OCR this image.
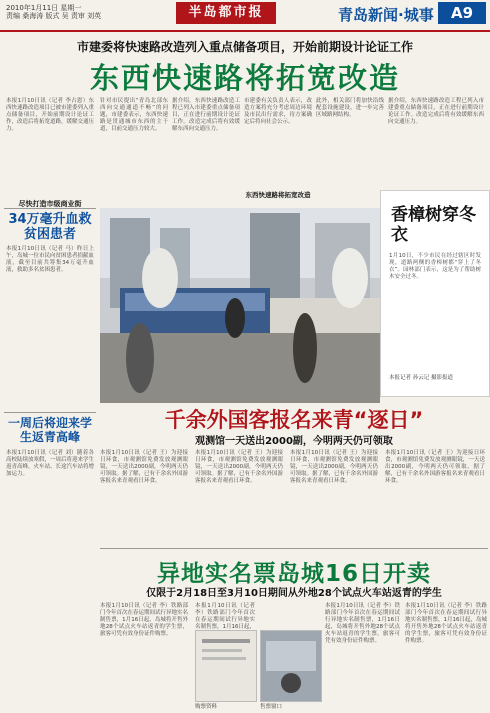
2010年1月11日 星期一
责编 桑海涛 版式 吴 责审 刘英	半岛都市报	青岛新闻·城事	A9
市建委将快速路改造列入重点储备项目，开始前期设计论证工作
东西快速路将拓宽改造

本报1月10日讯（记者 李占恩）东西快速路改造项目已被市建委列入重点储备项目，开始前期设计论证工作，改造后将拓宽道路，缓解交通压力。

尽快打造市级商业街

针对市民提出“青岛北部东西向交通通道不畅”的问题，市建委表示，东西快速路是贯通城市东西的主干道，目前交通压力较大。

据介绍，东西快速路改造工程已列入市建委重点储备项目，正在进行前期设计论证工作。改造完成后将有效缓解东西向交通压力。

市建委有关负责人表示，改造方案将充分考虑周边环境及市民出行需求，待方案确定后将向社会公示。

东西快速路将拓宽改造

此外，相关部门将加快沿线配套设施建设，进一步完善区域路网结构。

据介绍，东西快速路改造工程已列入市建委重点储备项目，正在进行前期设计论证工作。改造完成后将有效缓解东西向交通压力。

34万毫升血救贫困患者

本报1月10日讯（记者 马）昨日上午，岛城一位市民向贫困患者捐献血液，截至目前共筹集34万毫升血液，救助多名贫困患者。

一周后将迎来学生返青高峰

本报1月10日讯（记者 刘）随着各高校陆续放寒假，一周后将迎来学生返青高峰，火车站、长途汽车站将增加运力。

香樟树穿冬衣

1月10日，不少市民在经过辖区时发现，道路两侧的香樟树都“穿上了冬衣”。园林部门表示，这是为了帮助树木安全过冬。

本报记者 孙云记 摄影报道
千余外国客报名来青“逐日”
观测馆一天送出2000副，今明两天仍可领取

本报1月10日讯（记者 王）为迎接日环食，市观测馆免费发放观测眼镜，一天送出2000副，今明两天仍可领取。据了解，已有千余名外国游客报名来青观看日环食。

本报1月10日讯（记者 王）为迎接日环食，市观测馆免费发放观测眼镜，一天送出2000副，今明两天仍可领取。据了解，已有千余名外国游客报名来青观看日环食。

本报1月10日讯（记者 王）为迎接日环食，市观测馆免费发放观测眼镜，一天送出2000副，今明两天仍可领取。据了解，已有千余名外国游客报名来青观看日环食。

本报1月10日讯（记者 王）为迎接日环食，市观测馆免费发放观测眼镜，一天送出2000副，今明两天仍可领取。据了解，已有千余名外国游客报名来青观看日环食。

异地实名票岛城16日开卖
仅限于2月18日至3月10日期间从外地28个试点火车站返青的学生

本报1月10日讯（记者 李）铁路部门今年首次在春运期间试行异地实名制售票，1月16日起，岛城将开售外地28个试点火车站返青的学生票，旅客可凭有效身份证件购票。

本报1月10日讯（记者 李）铁路部门今年首次在春运期间试行异地实名制售票，1月16日起，

购票资料	售票窗口

本报1月10日讯（记者 李）铁路部门今年首次在春运期间试行异地实名制售票，1月16日起，岛城将开售外地28个试点火车站返青的学生票，旅客可凭有效身份证件购票。

本报1月10日讯（记者 李）铁路部门今年首次在春运期间试行异地实名制售票，1月16日起，岛城将开售外地28个试点火车站返青的学生票，旅客可凭有效身份证件购票。
